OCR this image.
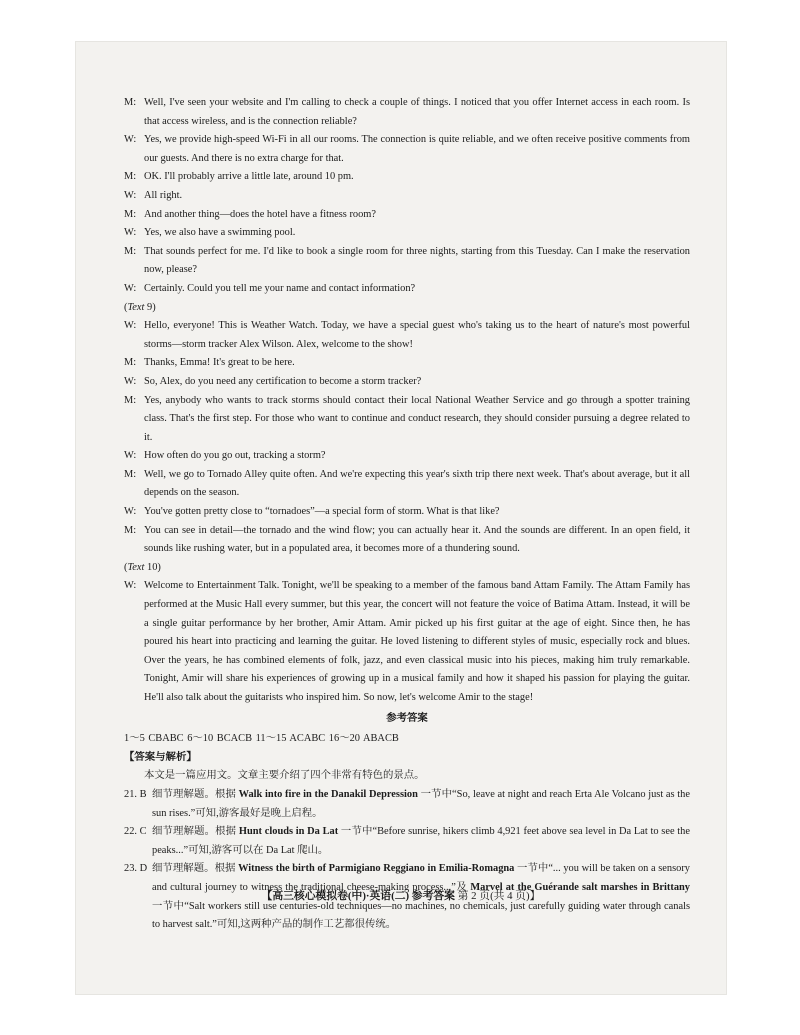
M: Well, I've seen your website and I'm calling to check a couple of things. I noticed that you offer Internet access in each room. Is that access wireless, and is the connection reliable?
W: Yes, we provide high-speed Wi-Fi in all our rooms. The connection is quite reliable, and we often receive positive comments from our guests. And there is no extra charge for that.
M: OK. I'll probably arrive a little late, around 10 pm.
W: All right.
M: And another thing—does the hotel have a fitness room?
W: Yes, we also have a swimming pool.
M: That sounds perfect for me. I'd like to book a single room for three nights, starting from this Tuesday. Can I make the reservation now, please?
W: Certainly. Could you tell me your name and contact information?
(Text 9)
W: Hello, everyone! This is Weather Watch. Today, we have a special guest who's taking us to the heart of nature's most powerful storms—storm tracker Alex Wilson. Alex, welcome to the show!
M: Thanks, Emma! It's great to be here.
W: So, Alex, do you need any certification to become a storm tracker?
M: Yes, anybody who wants to track storms should contact their local National Weather Service and go through a spotter training class. That's the first step. For those who want to continue and conduct research, they should consider pursuing a degree related to it.
W: How often do you go out, tracking a storm?
M: Well, we go to Tornado Alley quite often. And we're expecting this year's sixth trip there next week. That's about average, but it all depends on the season.
W: You've gotten pretty close to “tornadoes”—a special form of storm. What is that like?
M: You can see in detail—the tornado and the wind flow; you can actually hear it. And the sounds are different. In an open field, it sounds like rushing water, but in a populated area, it becomes more of a thundering sound.
(Text 10)
W: Welcome to Entertainment Talk. Tonight, we'll be speaking to a member of the famous band Attam Family. The Attam Family has performed at the Music Hall every summer, but this year, the concert will not feature the voice of Batima Attam. Instead, it will be a single guitar performance by her brother, Amir Attam. Amir picked up his first guitar at the age of eight. Since then, he has poured his heart into practicing and learning the guitar. He loved listening to different styles of music, especially rock and blues. Over the years, he has combined elements of folk, jazz, and even classical music into his pieces, making him truly remarkable. Tonight, Amir will share his experiences of growing up in a musical family and how it shaped his passion for playing the guitar. He'll also talk about the guitarists who inspired him. So now, let's welcome Amir to the stage!
参考答案
1～5 CBABC 6～10 BCACB 11～15 ACABC 16～20 ABACB
【答案与解析】
本文是一篇应用文。文章主要介绍了四个非常有特色的景点。
21. B 细节理解题。根据 Walk into fire in the Danakil Depression 一节中“So, leave at night and reach Erta Ale Volcano just as the sun rises.”可知,游客最好是晚上启程。
22. C 细节理解题。根据 Hunt clouds in Da Lat 一节中“Before sunrise, hikers climb 4,921 feet above sea level in Da Lat to see the peaks...”可知,游客可以在 Da Lat 爬山。
23. D 细节理解题。根据 Witness the birth of Parmigiano Reggiano in Emilia-Romagna 一节中“... you will be taken on a sensory and cultural journey to witness the traditional cheese-making process...”及 Marvel at the Guérande salt marshes in Brittany 一节中“Salt workers still use centuries-old techniques—no machines, no chemicals, just carefully guiding water through canals to harvest salt.”可知,这两种产品的制作工艺都很传统。
【高三核心模拟卷(中)·英语(二) 参考答案 第 2 页(共 4 页)】
